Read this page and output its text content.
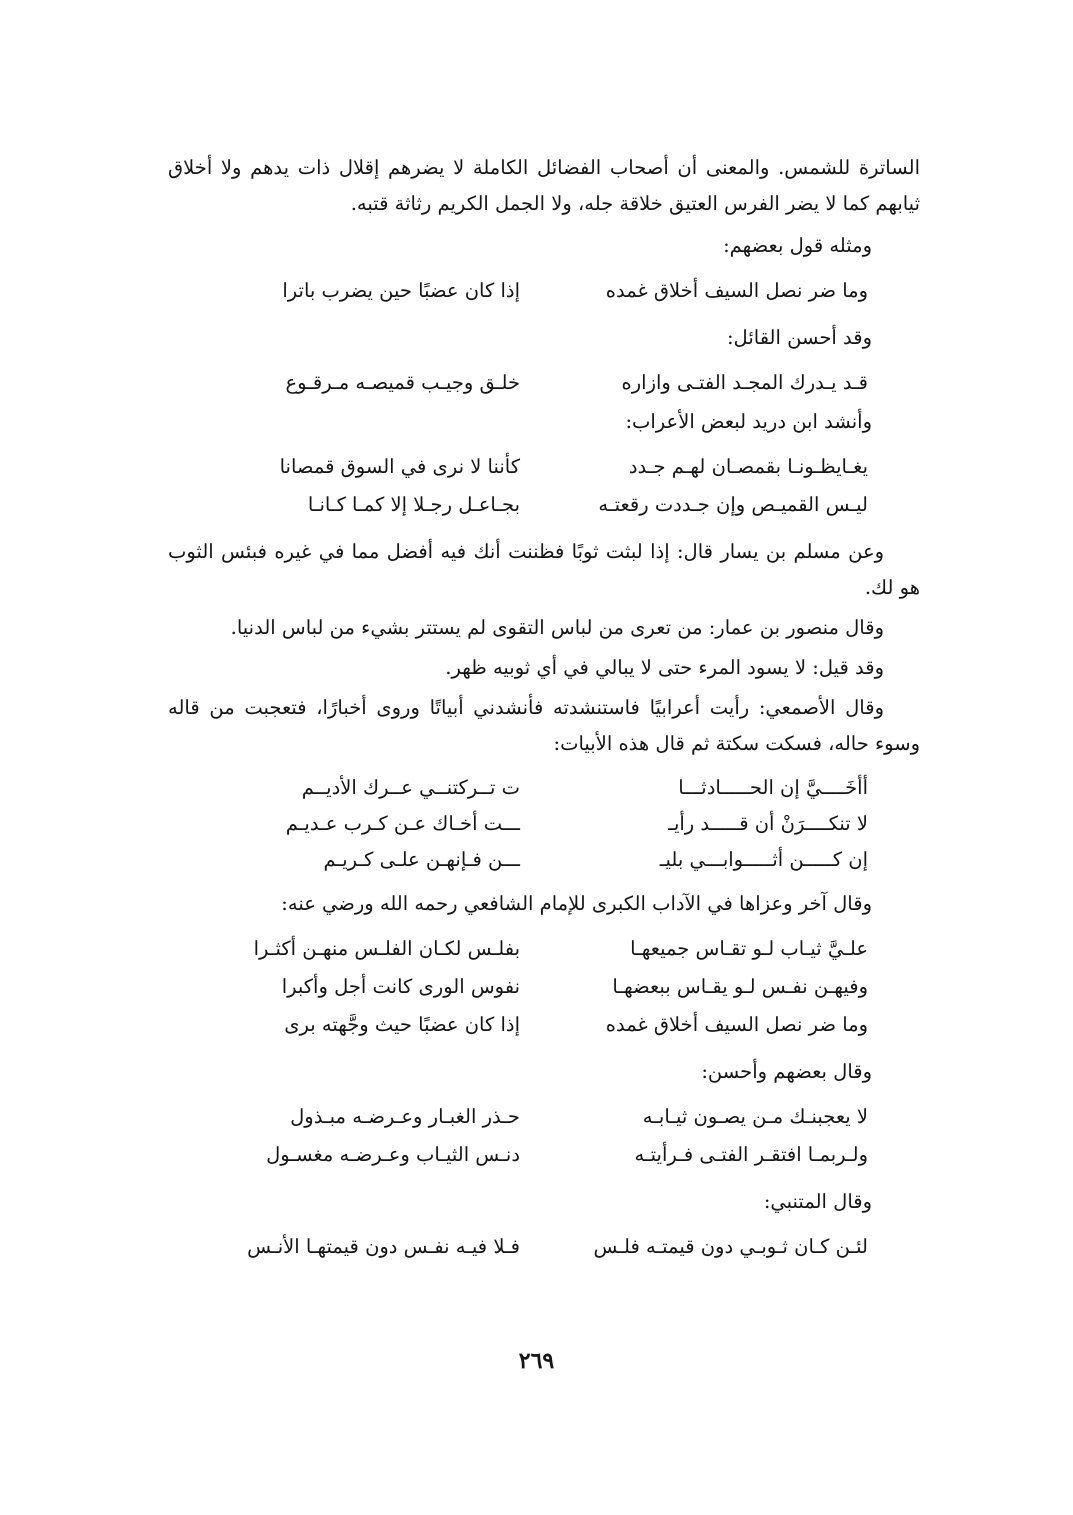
الساترة للشمس. والمعنى أن أصحاب الفضائل الكاملة لا يضرهم إقلال ذات يدهم ولا أخلاق ثيابهم كما لا يضر الفرس العتيق خلاقة جله، ولا الجمل الكريم رثاثة قتبه.
ومثله قول بعضهم:
وما ضر نصل السيف أخلاق غمده
إذا كان عضبًا حين يضرب باترا
وقد أحسن القائل:
قـد يـدرك المجـد الفتـى وازاره
خلـق وجيـب قميصـه مـرقـوع
وأنشد ابن دريد لبعض الأعراب:
يغـايظـونـا بقمصـان لهـم جـدد
كأننا لا نرى في السوق قمصانا
ليـس القميـص وإن جـددت رقعتـه
بجـاعـل رجـلا إلا كمـا كـانـا
وعن مسلم بن يسار قال: إذا لبثت ثوبًا فظننت أنك فيه أفضل مما في غيره فبئس الثوب هو لك.
وقال منصور بن عمار: من تعرى من لباس التقوى لم يستتر بشيء من لباس الدنيا.
وقد قيل: لا يسود المرء حتى لا يبالي في أي ثوبيه ظهر.
وقال الأصمعي: رأيت أعرابيًا فاستنشدته فأنشدني أبياتًا وروى أخبارًا، فتعجبت من قاله وسوء حاله، فسكت سكتة ثم قال هذه الأبيات:
أأخَــــيَّ إن الحـــــادثـــا
ت تــركتنــي عــرك الأديــم
لا تنكــــرَنْ أن قـــــد رأيـ
ـــت أخـاك عـن كـرب عـديـم
إن كـــــن أثـــــوابـــي بليـ
ـــن فـإنهـن علـى كـريـم
وقال آخر وعزاها في الآداب الكبرى للإمام الشافعي رحمه الله ورضي عنه:
علـيَّ ثيـاب لـو تقـاس جميعهـا
بفلـس لكـان الفلـس منهـن أكثـرا
وفيهـن نفـس لـو يقـاس ببعضهـا
نفوس الورى كانت أجل وأكبرا
وما ضر نصل السيف أخلاق غمده
إذا كان عضبًا حيث وجَّهته برى
وقال بعضهم وأحسن:
لا يعجبنـك مـن يصـون ثيـابـه
حـذر الغبـار وعـرضـه مبـذول
ولـربمـا افتقـر الفتـى فـرأيتـه
دنـس الثيـاب وعـرضـه مغسـول
وقال المتنبي:
لئـن كـان ثـوبـي دون قيمتـه فلـس
فـلا فيـه نفـس دون قيمتهـا الأنـس
٢٦٩
